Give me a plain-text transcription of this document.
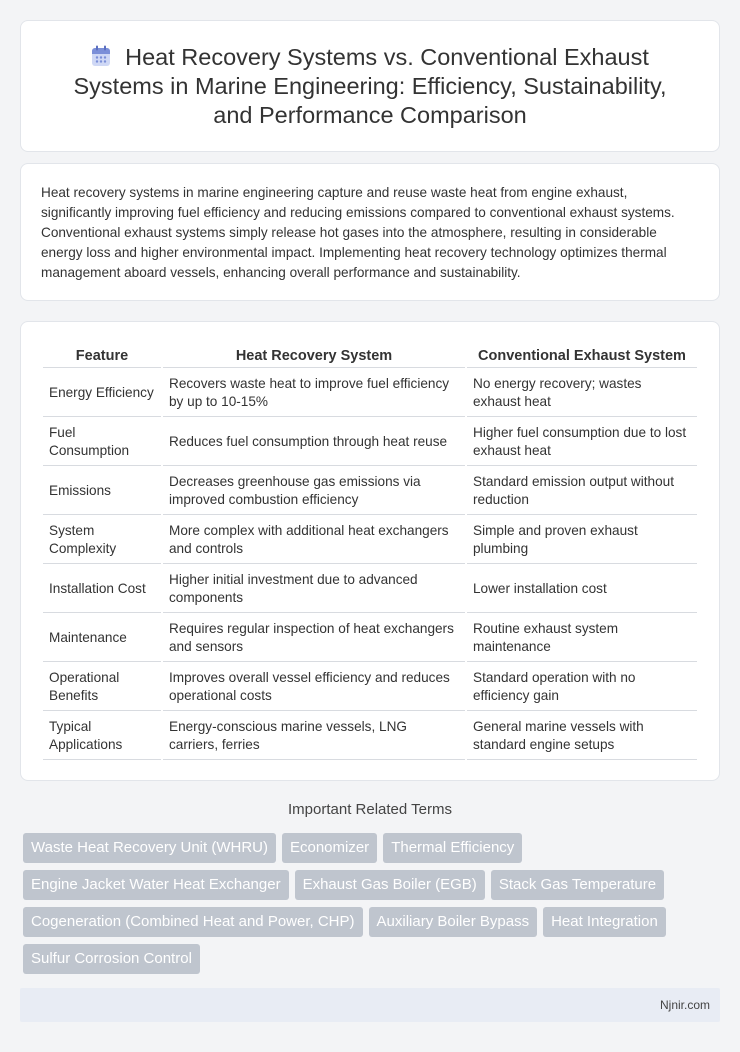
Heat Recovery Systems vs. Conventional Exhaust Systems in Marine Engineering: Efficiency, Sustainability, and Performance Comparison

Heat recovery systems in marine engineering capture and reuse waste heat from engine exhaust, significantly improving fuel efficiency and reducing emissions compared to conventional exhaust systems. Conventional exhaust systems simply release hot gases into the atmosphere, resulting in considerable energy loss and higher environmental impact. Implementing heat recovery technology optimizes thermal management aboard vessels, enhancing overall performance and sustainability.

Feature	Heat Recovery System	Conventional Exhaust System
Energy Efficiency	Recovers waste heat to improve fuel efficiency by up to 10-15%	No energy recovery; wastes exhaust heat
Fuel Consumption	Reduces fuel consumption through heat reuse	Higher fuel consumption due to lost exhaust heat
Emissions	Decreases greenhouse gas emissions via improved combustion efficiency	Standard emission output without reduction
System Complexity	More complex with additional heat exchangers and controls	Simple and proven exhaust plumbing
Installation Cost	Higher initial investment due to advanced components	Lower installation cost
Maintenance	Requires regular inspection of heat exchangers and sensors	Routine exhaust system maintenance
Operational Benefits	Improves overall vessel efficiency and reduces operational costs	Standard operation with no efficiency gain
Typical Applications	Energy-conscious marine vessels, LNG carriers, ferries	General marine vessels with standard engine setups
Important Related Terms
Waste Heat Recovery Unit (WHRU)	Economizer	Thermal Efficiency
Engine Jacket Water Heat Exchanger	Exhaust Gas Boiler (EGB)	Stack Gas Temperature
Cogeneration (Combined Heat and Power, CHP)	Auxiliary Boiler Bypass	Heat Integration
Sulfur Corrosion Control
Njnir.com
